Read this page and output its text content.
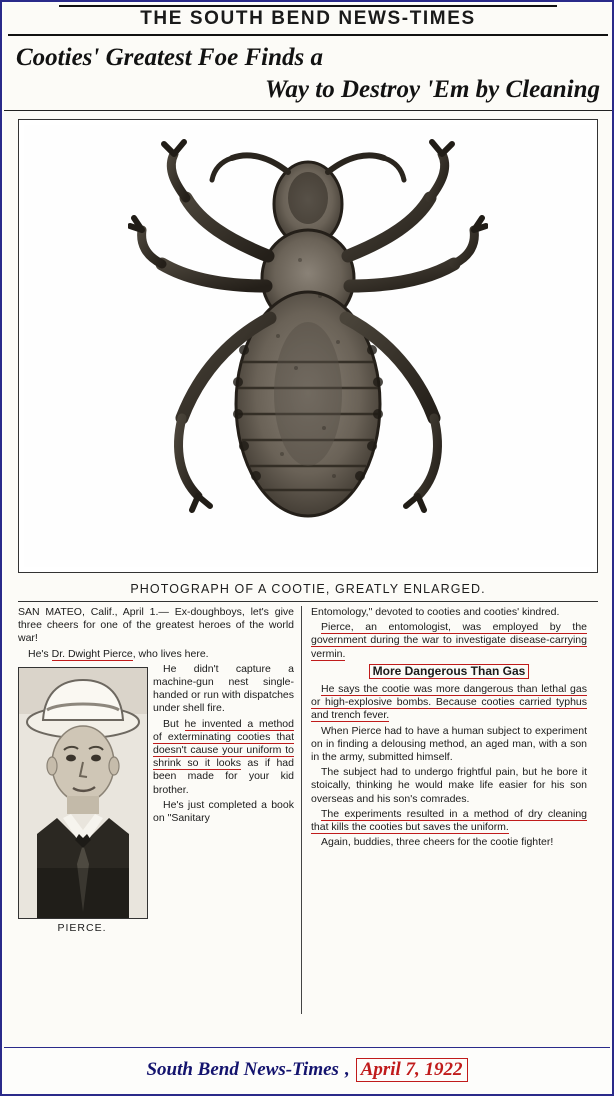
THE SOUTH BEND NEWS-TIMES
Cooties' Greatest Foe Finds a
Way to Destroy 'Em by Cleaning
PHOTOGRAPH OF A COOTIE, GREATLY ENLARGED.

SAN MATEO, Calif., April 1.— Ex-doughboys, let's give three cheers for one of the greatest heroes of the world war!

He's Dr. Dwight Pierce, who lives here.

PIERCE.

He didn't capture a machine-gun nest single-handed or run with dispatches under shell fire.

But he invented a method of exterminating cooties that doesn't cause your uniform to shrink so it looks as if had been made for your kid brother.

He's just completed a book on "Sanitary

Entomology," devoted to cooties and cooties' kindred.

Pierce, an entomologist, was employed by the government during the war to investigate disease-carrying vermin.

More Dangerous Than Gas

He says the cootie was more dangerous than lethal gas or high-explosive bombs. Because cooties carried typhus and trench fever.

When Pierce had to have a human subject to experiment on in finding a delousing method, an aged man, with a son in the army, submitted himself.

The subject had to undergo frightful pain, but he bore it stoically, thinking he would make life easier for his son overseas and his son's comrades.

The experiments resulted in a method of dry cleaning that kills the cooties but saves the uniform.

Again, buddies, three cheers for the cootie fighter!

South Bend News-Times , April 7, 1922
